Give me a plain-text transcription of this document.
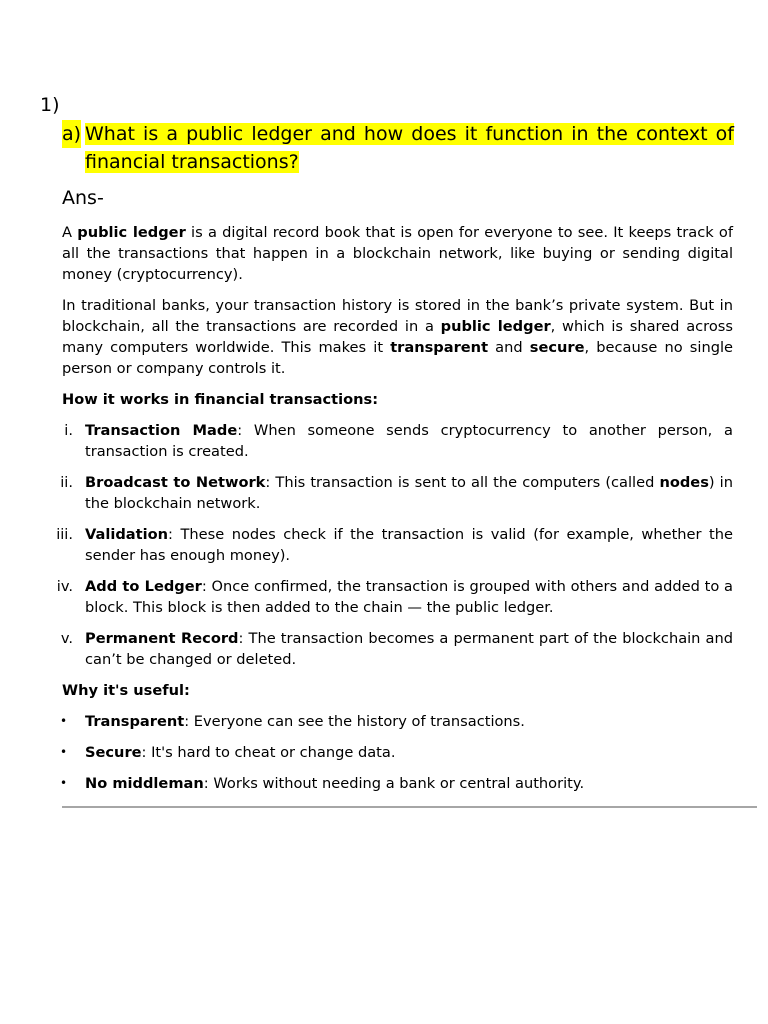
1)
a) What is a public ledger and how does it function in the context of financial transactions?
Ans-

A public ledger is a digital record book that is open for everyone to see. It keeps track of all the transactions that happen in a blockchain network, like buying or sending digital money (cryptocurrency).

In traditional banks, your transaction history is stored in the bank’s private system. But in blockchain, all the transactions are recorded in a public ledger, which is shared across many computers worldwide. This makes it transparent and secure, because no single person or company controls it.

How it works in financial transactions:

i. Transaction Made: When someone sends cryptocurrency to another person, a transaction is created.
ii. Broadcast to Network: This transaction is sent to all the computers (called nodes) in the blockchain network.
iii. Validation: These nodes check if the transaction is valid (for example, whether the sender has enough money).
iv. Add to Ledger: Once confirmed, the transaction is grouped with others and added to a block. This block is then added to the chain — the public ledger.
v. Permanent Record: The transaction becomes a permanent part of the blockchain and can’t be changed or deleted.

Why it's useful:

• Transparent: Everyone can see the history of transactions.
• Secure: It's hard to cheat or change data.
• No middleman: Works without needing a bank or central authority.
